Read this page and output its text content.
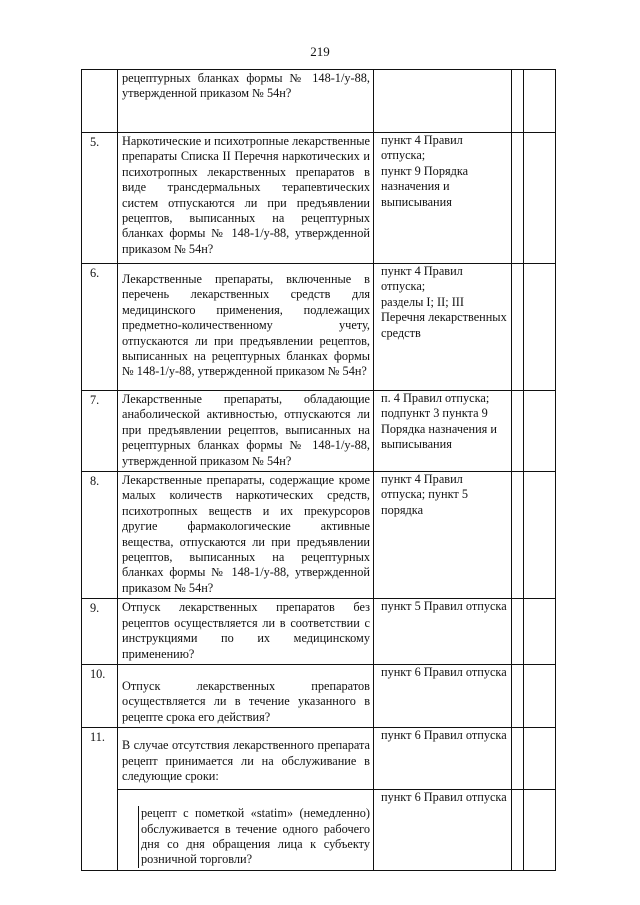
219

	рецептурных бланках формы № 148-1/у-88, утвержденной приказом № 54н?			

5.	Наркотические и психотропные лекарственные препараты Списка II Перечня наркотических и психотропных лекарственных препаратов в виде трансдермальных терапевтических систем отпускаются ли при предъявлении рецептов, выписанных на рецептурных бланках формы № 148-1/у-88, утвержденной приказом № 54н?	пункт 4 Правил отпуска;
пункт 9 Порядка назначения и выписывания		

6.	Лекарственные препараты, включенные в перечень лекарственных средств для медицинского применения, подлежащих предметно-количественному учету, отпускаются ли при предъявлении рецептов, выписанных на рецептурных бланках формы № 148-1/у-88, утвержденной приказом № 54н?	пункт 4 Правил отпуска;
разделы I; II; III Перечня лекарственных средств		

7.	Лекарственные препараты, обладающие анаболической активностью, отпускаются ли при предъявлении рецептов, выписанных на рецептурных бланках формы № 148-1/у-88, утвержденной приказом № 54н?	п. 4 Правил отпуска;
подпункт 3 пункта 9 Порядка назначения и выписывания		

8.	Лекарственные препараты, содержащие кроме малых количеств наркотических средств, психотропных веществ и их прекурсоров другие фармакологические активные вещества, отпускаются ли при предъявлении рецептов, выписанных на рецептурных бланках формы № 148-1/у-88, утвержденной приказом № 54н?	пункт 4 Правил отпуска; пункт 5 порядка		

9.	Отпуск лекарственных препаратов без рецептов осуществляется ли в соответствии с инструкциями по их медицинскому применению?	пункт 5 Правил отпуска		

10.	Отпуск лекарственных препаратов осуществляется ли в течение указанного в рецепте срока его действия?	пункт 6 Правил отпуска		

11.	В случае отсутствия лекарственного препарата рецепт принимается ли на обслуживание в следующие сроки:	пункт 6 Правил отпуска		

	рецепт с пометкой «statim» (немедленно) обслуживается в течение одного рабочего дня со дня обращения лица к субъекту розничной торговли?	пункт 6 Правил отпуска		
